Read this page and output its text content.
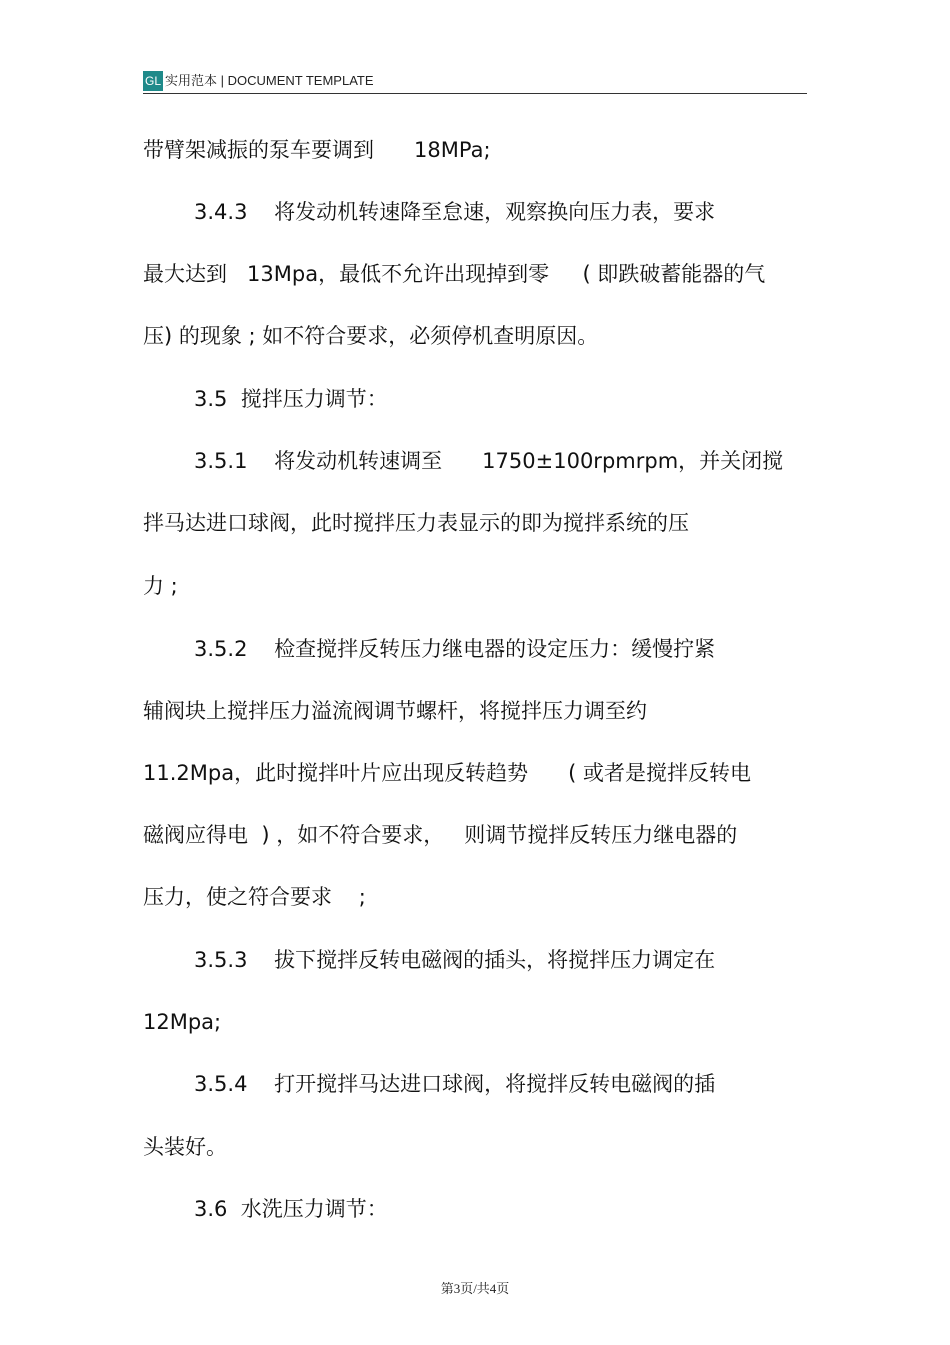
GL 实用范本 | DOCUMENT TEMPLATE
带臂架减振的泵车要调到      18MPa;
3.4.3    将发动机转速降至怠速，观察换向压力表，要求
最大达到   13Mpa，最低不允许出现掉到零     ( 即跌破蓄能器的气
压) 的现象 ; 如不符合要求，必须停机查明原因。
3.5  搅拌压力调节：
3.5.1    将发动机转速调至      1750±100rpmrpm，并关闭搅
拌马达进口球阀，此时搅拌压力表显示的即为搅拌系统的压
力 ;
3.5.2    检查搅拌反转压力继电器的设定压力：缓慢拧紧
辅阀块上搅拌压力溢流阀调节螺杆，将搅拌压力调至约
11.2Mpa，此时搅拌叶片应出现反转趋势      ( 或者是搅拌反转电
磁阀应得电  ) ，如不符合要求，   则调节搅拌反转压力继电器的
压力，使之符合要求    ;
3.5.3    拔下搅拌反转电磁阀的插头，将搅拌压力调定在
12Mpa;
3.5.4    打开搅拌马达进口球阀，将搅拌反转电磁阀的插
头装好。
3.6  水洗压力调节：
第3页/共4页
